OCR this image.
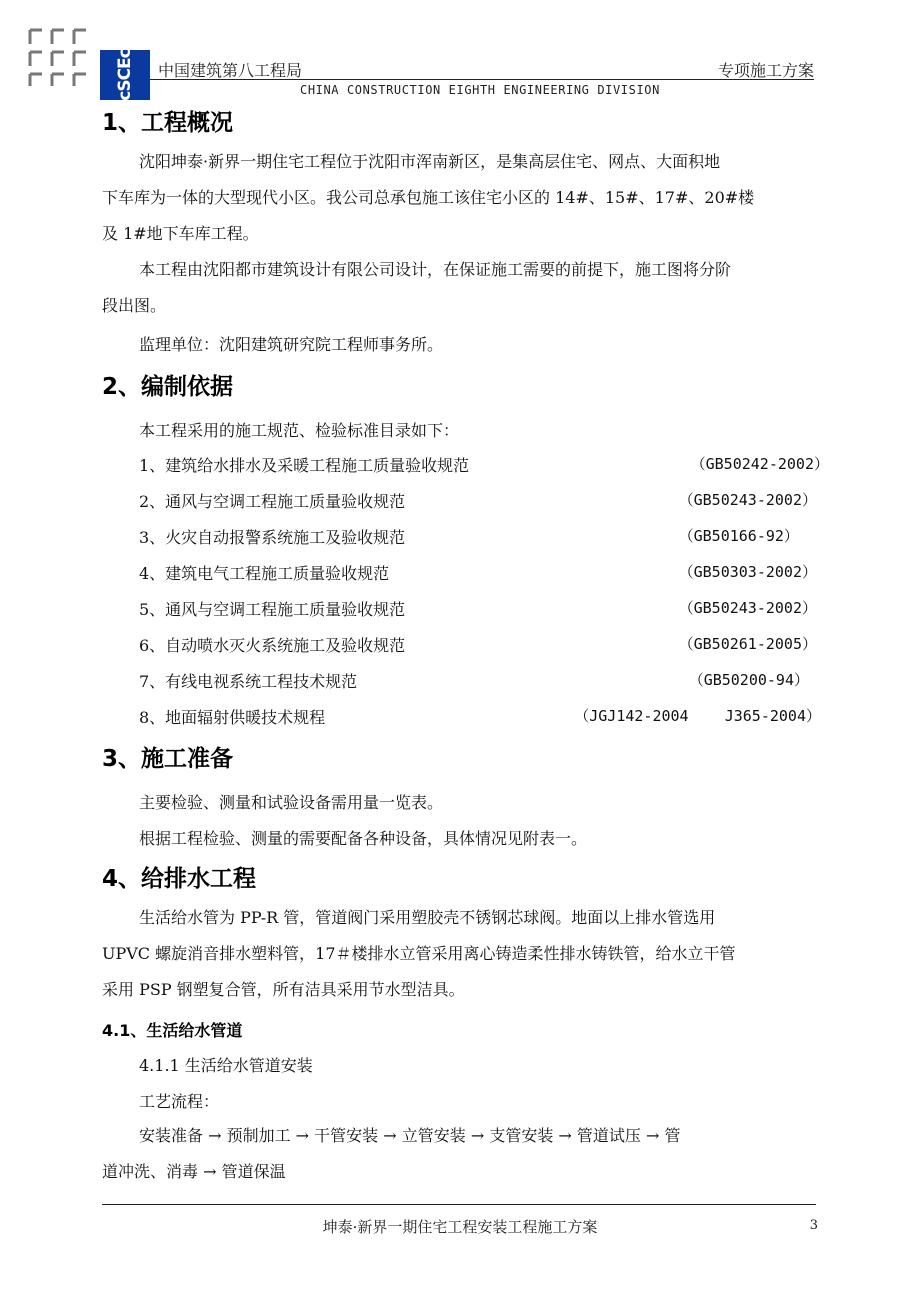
cSCEc	中国建筑第八工程局	专项施工方案
CHINA CONSTRUCTION EIGHTH ENGINEERING DIVISION
1、工程概况
沈阳坤泰·新界一期住宅工程位于沈阳市浑南新区，是集高层住宅、网点、大面积地
下车库为一体的大型现代小区。我公司总承包施工该住宅小区的 14#、15#、17#、20#楼
及 1#地下车库工程。
本工程由沈阳都市建筑设计有限公司设计，在保证施工需要的前提下，施工图将分阶
段出图。
监理单位：沈阳建筑研究院工程师事务所。
2、编制依据
本工程采用的施工规范、检验标准目录如下：
1、建筑给水排水及采暖工程施工质量验收规范	（GB50242-2002）
2、通风与空调工程施工质量验收规范	（GB50243-2002）
3、火灾自动报警系统施工及验收规范	（GB50166-92）
4、建筑电气工程施工质量验收规范	（GB50303-2002）
5、通风与空调工程施工质量验收规范	（GB50243-2002）
6、自动喷水灭火系统施工及验收规范	（GB50261-2005）
7、有线电视系统工程技术规范	（GB50200-94）
8、地面辐射供暖技术规程	（JGJ142-2004    J365-2004）
3、施工准备
主要检验、测量和试验设备需用量一览表。
根据工程检验、测量的需要配备各种设备，具体情况见附表一。
4、给排水工程
生活给水管为 PP-R 管，管道阀门采用塑胶壳不锈钢芯球阀。地面以上排水管选用
UPVC 螺旋消音排水塑料管，17＃楼排水立管采用离心铸造柔性排水铸铁管，给水立干管
采用 PSP 钢塑复合管，所有洁具采用节水型洁具。
4.1、生活给水管道
4.1.1 生活给水管道安装
工艺流程：
安装准备 → 预制加工 → 干管安装 → 立管安装 → 支管安装 → 管道试压 → 管
道冲洗、消毒 → 管道保温
坤泰·新界一期住宅工程安装工程施工方案	3
